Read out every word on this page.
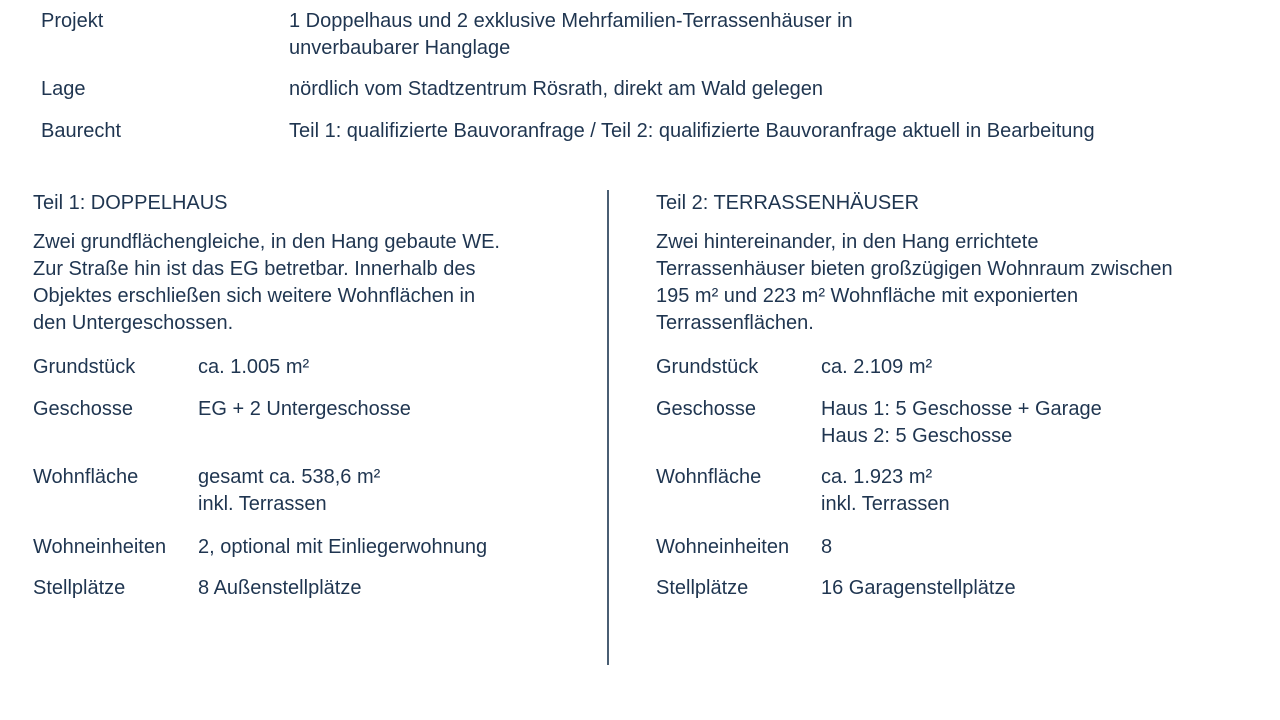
Projekt	1 Doppelhaus und 2 exklusive Mehrfamilien-Terrassenhäuser in
unverbaubarer Hanglage
Lage	nördlich vom Stadtzentrum Rösrath, direkt am Wald gelegen
Baurecht	Teil 1: qualifizierte Bauvoranfrage / Teil 2: qualifizierte Bauvoranfrage aktuell in Bearbeitung
Teil 1: DOPPELHAUS
Zwei grundflächengleiche, in den Hang gebaute WE.
Zur Straße hin ist das EG betretbar. Innerhalb des
Objektes erschließen sich weitere Wohnflächen in
den Untergeschossen.
Grundstück	ca. 1.005 m²
Geschosse	EG + 2 Untergeschosse
Wohnfläche	gesamt ca. 538,6 m²
inkl. Terrassen
Wohneinheiten	2, optional mit Einliegerwohnung
Stellplätze	8 Außenstellplätze
Teil 2: TERRASSENHÄUSER
Zwei hintereinander, in den Hang errichtete
Terrassenhäuser bieten großzügigen Wohnraum zwischen
195 m² und 223 m² Wohnfläche mit exponierten
Terrassenflächen.
Grundstück	ca. 2.109 m²
Geschosse	Haus 1: 5 Geschosse + Garage
Haus 2: 5 Geschosse
Wohnfläche	ca. 1.923 m²
inkl. Terrassen
Wohneinheiten	8
Stellplätze	16 Garagenstellplätze
